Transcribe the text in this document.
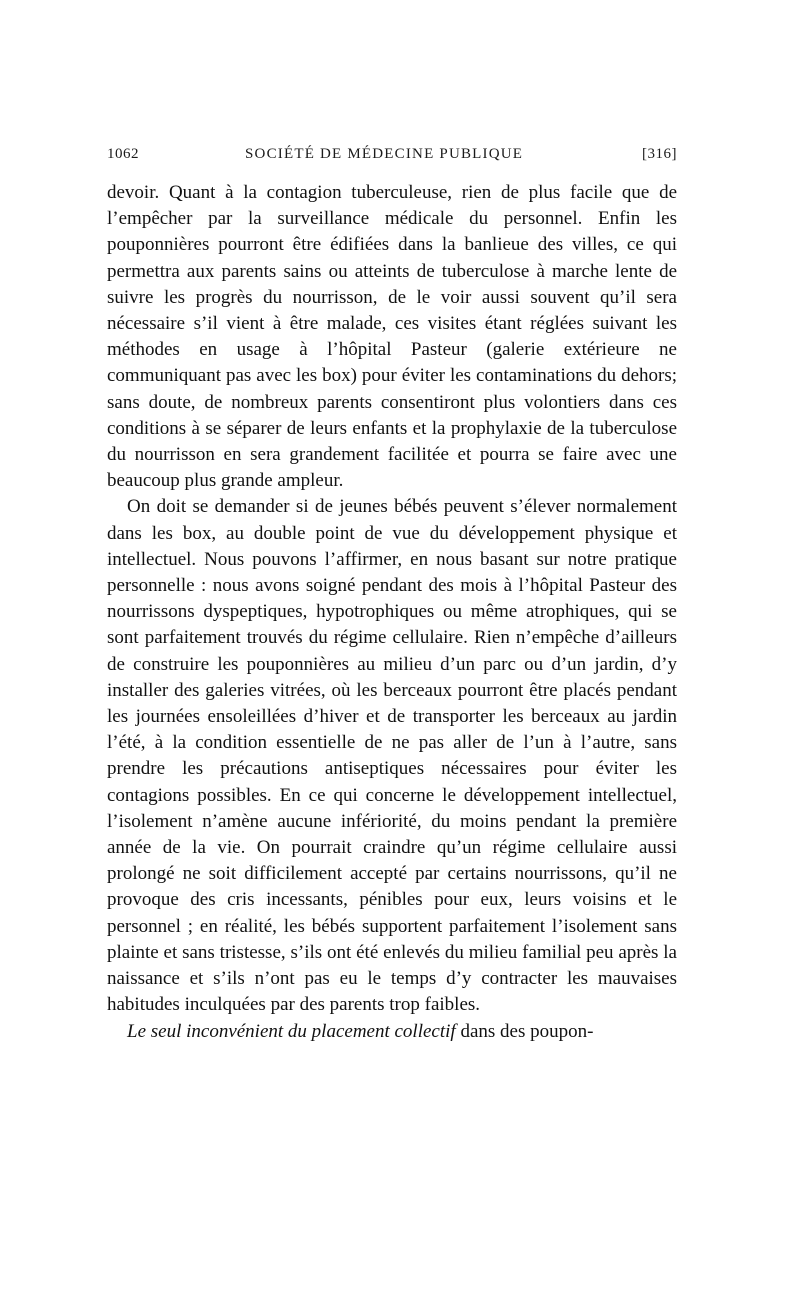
1062	SOCIÉTÉ DE MÉDECINE PUBLIQUE	[316]

devoir. Quant à la contagion tuberculeuse, rien de plus facile que de l’empêcher par la surveillance médicale du personnel. Enfin les pouponnières pourront être édifiées dans la banlieue des villes, ce qui permettra aux parents sains ou atteints de tuberculose à marche lente de suivre les progrès du nourrisson, de le voir aussi souvent qu’il sera nécessaire s’il vient à être malade, ces visites étant réglées suivant les méthodes en usage à l’hôpital Pasteur (galerie extérieure ne communiquant pas avec les box) pour éviter les contaminations du dehors; sans doute, de nombreux parents consentiront plus volontiers dans ces conditions à se séparer de leurs enfants et la prophylaxie de la tuberculose du nourrisson en sera grandement facilitée et pourra se faire avec une beaucoup plus grande ampleur.

On doit se demander si de jeunes bébés peuvent s’élever normalement dans les box, au double point de vue du développement physique et intellectuel. Nous pouvons l’affirmer, en nous basant sur notre pratique personnelle : nous avons soigné pendant des mois à l’hôpital Pasteur des nourrissons dyspeptiques, hypotrophiques ou même atrophiques, qui se sont parfaitement trouvés du régime cellulaire. Rien n’empêche d’ailleurs de construire les pouponnières au milieu d’un parc ou d’un jardin, d’y installer des galeries vitrées, où les berceaux pourront être placés pendant les journées ensoleillées d’hiver et de transporter les berceaux au jardin l’été, à la condition essentielle de ne pas aller de l’un à l’autre, sans prendre les précautions antiseptiques nécessaires pour éviter les contagions possibles. En ce qui concerne le développement intellectuel, l’isolement n’amène aucune infériorité, du moins pendant la première année de la vie. On pourrait craindre qu’un régime cellulaire aussi prolongé ne soit difficilement accepté par certains nourrissons, qu’il ne provoque des cris incessants, pénibles pour eux, leurs voisins et le personnel ; en réalité, les bébés supportent parfaitement l’isolement sans plainte et sans tristesse, s’ils ont été enlevés du milieu familial peu après la naissance et s’ils n’ont pas eu le temps d’y contracter les mauvaises habitudes inculquées par des parents trop faibles.

Le seul inconvénient du placement collectif dans des poupon-
